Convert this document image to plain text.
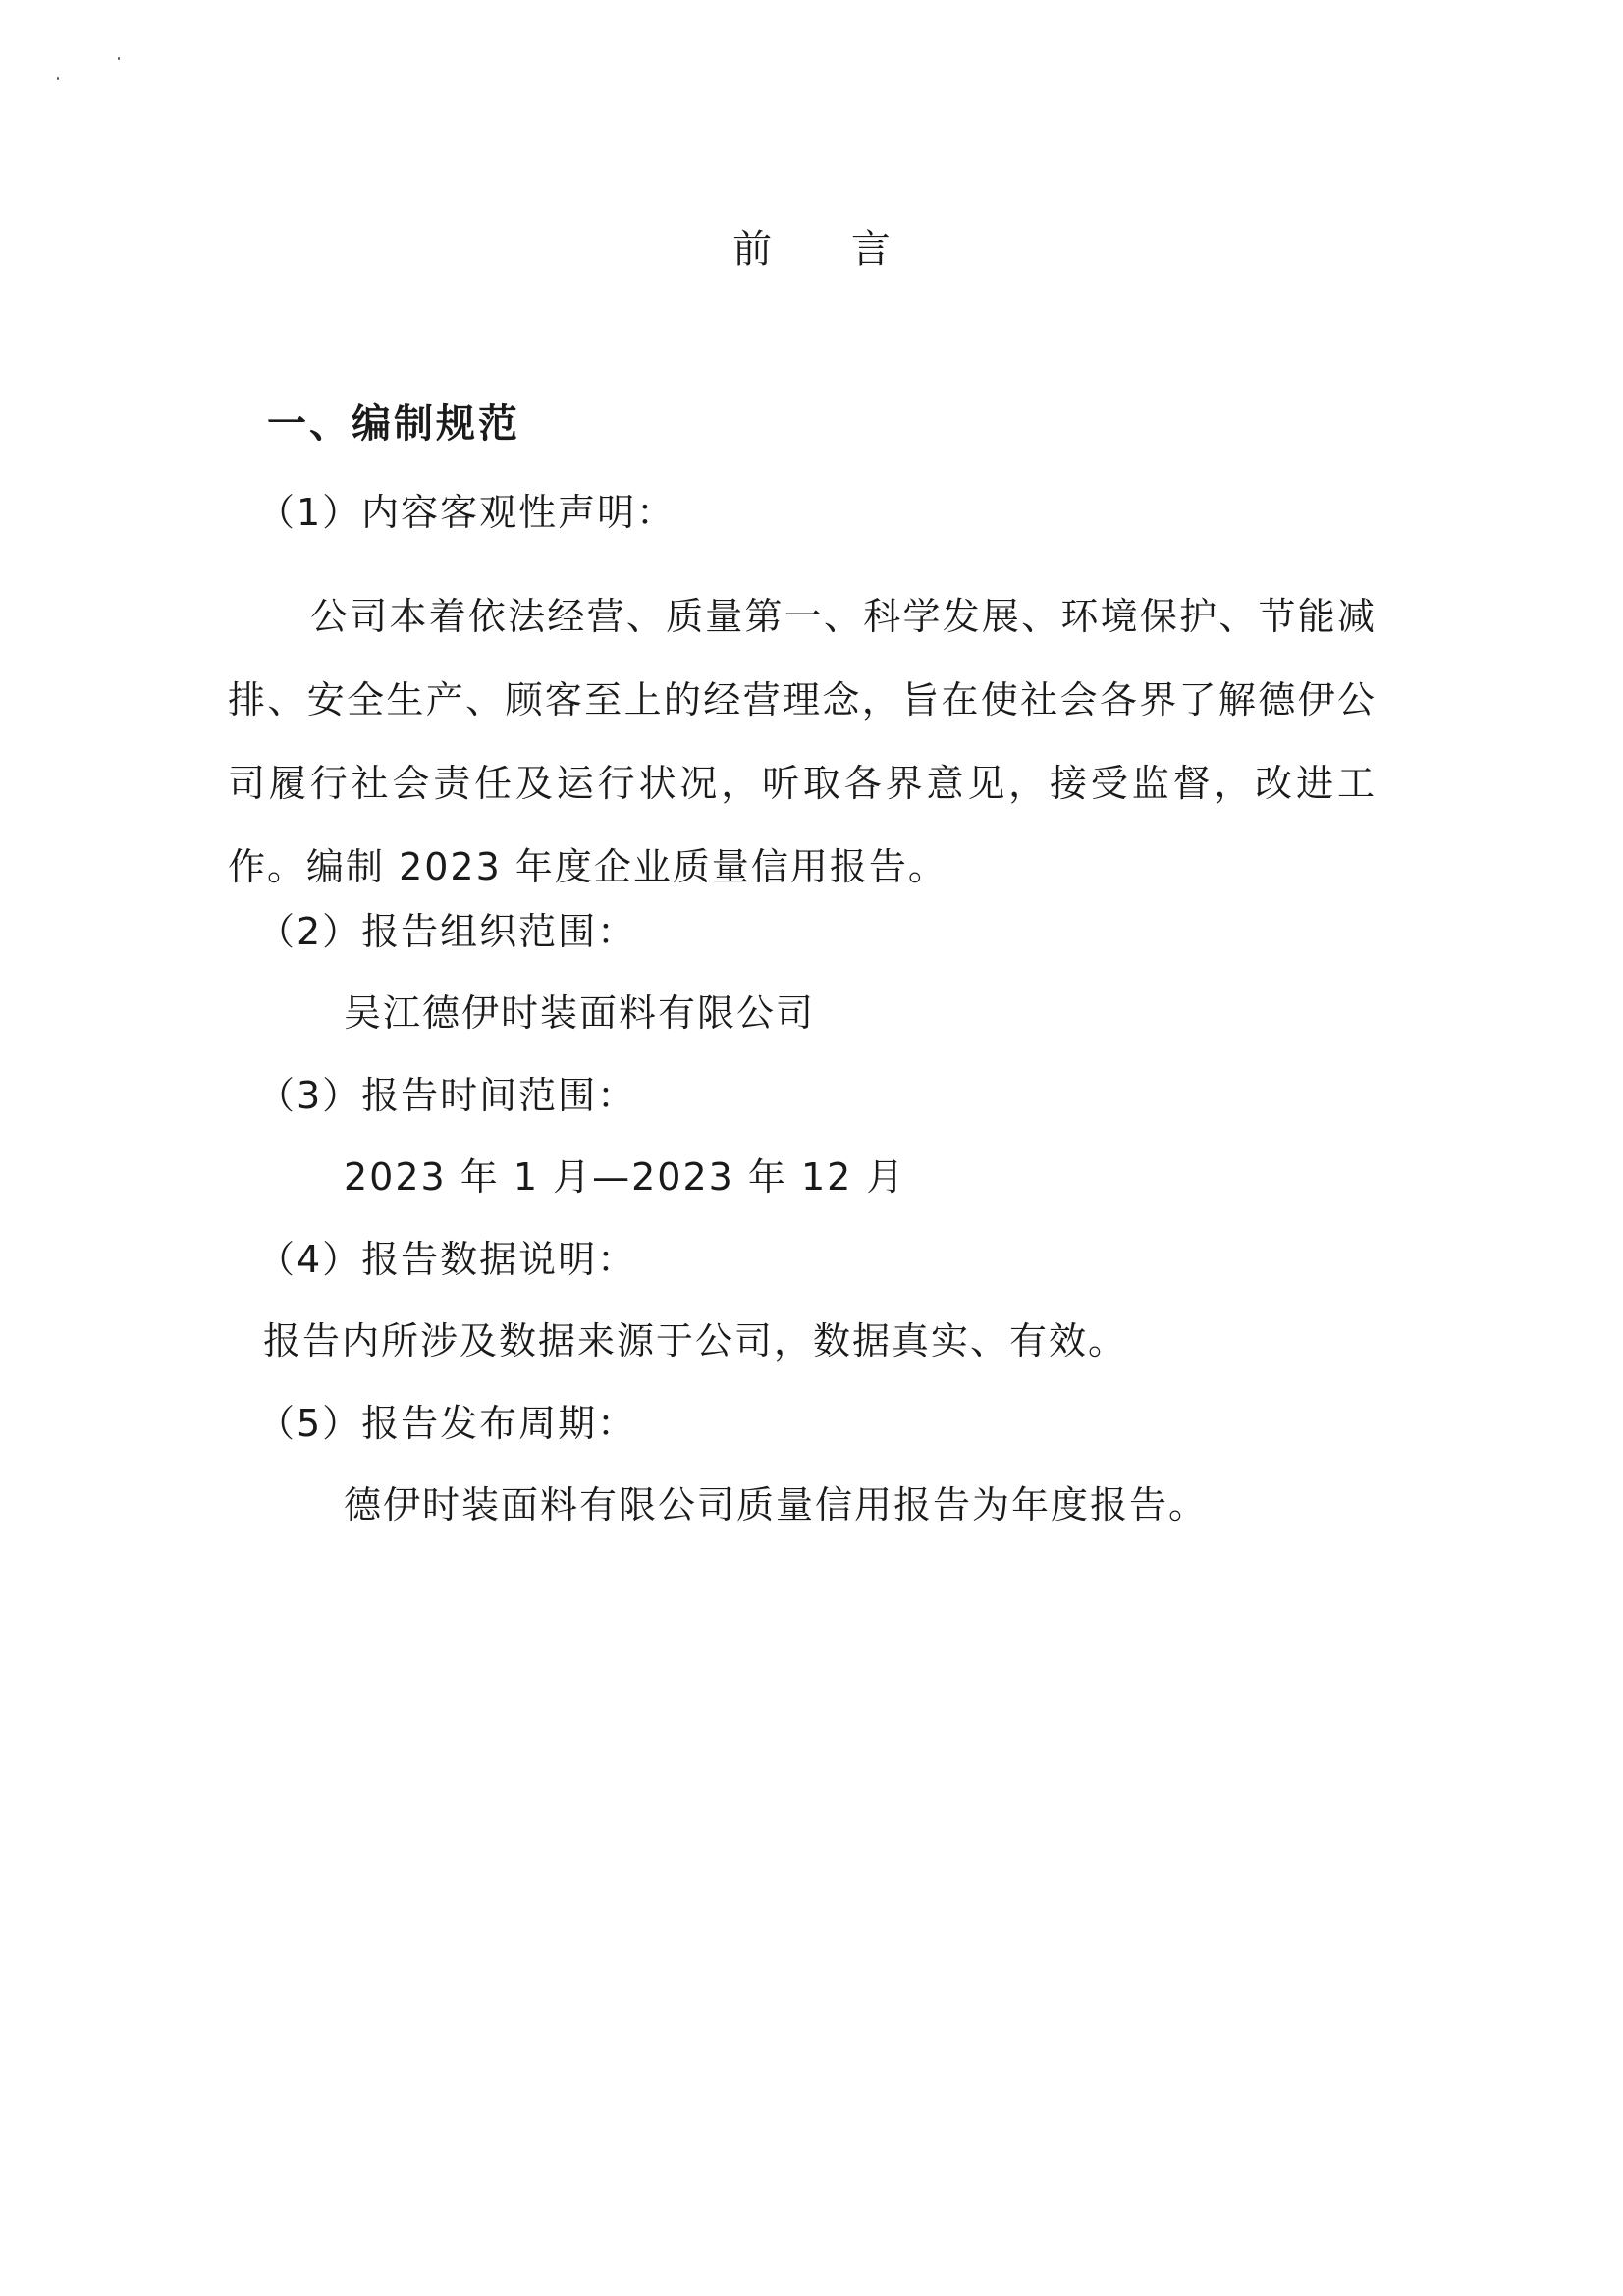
前 言
一、编制规范
（1）内容客观性声明：
公司本着依法经营、质量第一、科学发展、环境保护、节能减排、安全生产、顾客至上的经营理念，旨在使社会各界了解德伊公司履行社会责任及运行状况，听取各界意见，接受监督，改进工作。编制 2023 年度企业质量信用报告。
（2）报告组织范围：
吴江德伊时装面料有限公司
（3）报告时间范围：
2023 年 1 月—2023 年 12 月
（4）报告数据说明：
报告内所涉及数据来源于公司，数据真实、有效。
（5）报告发布周期：
德伊时装面料有限公司质量信用报告为年度报告。
